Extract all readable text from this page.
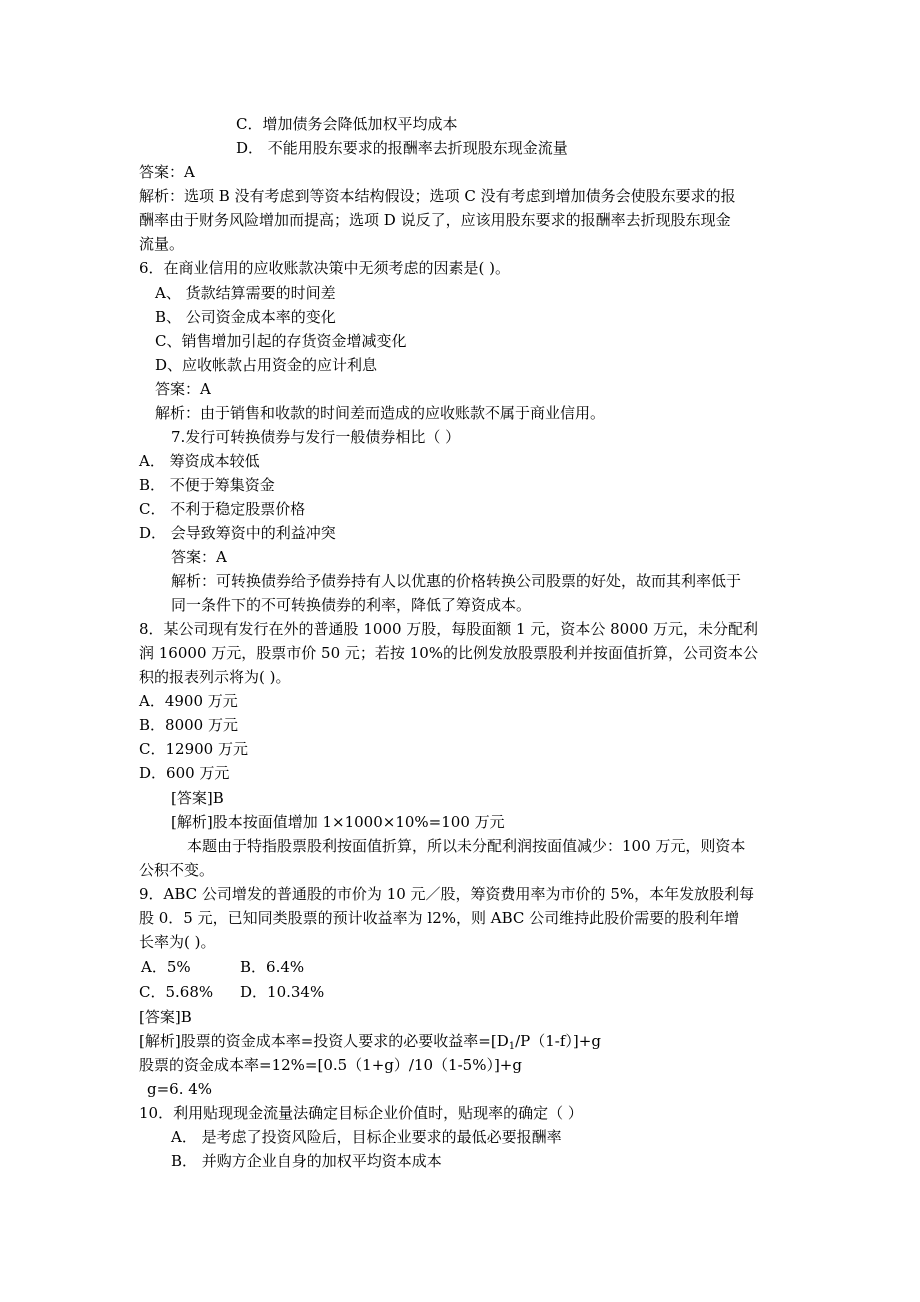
C．增加债务会降低加权平均成本
D． 不能用股东要求的报酬率去折现股东现金流量
答案：A
解析：选项 B 没有考虑到等资本结构假设；选项 C 没有考虑到增加债务会使股东要求的报
酬率由于财务风险增加而提高；选项 D 说反了，应该用股东要求的报酬率去折现股东现金
流量。
6．在商业信用的应收账款决策中无须考虑的因素是( )。
A、 货款结算需要的时间差
B、 公司资金成本率的变化
C、销售增加引起的存货资金增减变化
D、应收帐款占用资金的应计利息
答案：A
解析：由于销售和收款的时间差而造成的应收账款不属于商业信用。
7.发行可转换债券与发行一般债券相比（ ）
A． 筹资成本较低
B． 不便于筹集资金
C． 不利于稳定股票价格
D． 会导致筹资中的利益冲突
答案：A
解析：可转换债券给予债券持有人以优惠的价格转换公司股票的好处，故而其利率低于
同一条件下的不可转换债券的利率，降低了筹资成本。
8．某公司现有发行在外的普通股 1000 万股，每股面额 1 元，资本公 8000 万元，未分配利
润 16000 万元，股票市价 50 元；若按 10%的比例发放股票股利并按面值折算，公司资本公
积的报表列示将为( )。
A．4900 万元
B．8000 万元
C．12900 万元
D．600 万元
[答案]B
[解析]股本按面值增加 1×1000×10%=100 万元
本题由于特指股票股利按面值折算，所以未分配利润按面值减少：100 万元，则资本
公积不变。
9．ABC 公司增发的普通股的市价为 10 元／股，筹资费用率为市价的 5%，本年发放股利每
股 0．5 元，已知同类股票的预计收益率为 l2%，则 ABC 公司维持此股价需要的股利年增
长率为( )。
A．5%	B．6.4%
C．5.68% D．10.34%
[答案]B
[解析]股票的资金成本率=投资人要求的必要收益率$=[D_1/P(1-f)]+g$
股票的资金成本率=12%=[0.5（1+g）/10（1-5%）]+g
g=6. 4%
10．利用贴现现金流量法确定目标企业价值时，贴现率的确定（ ）
A． 是考虑了投资风险后，目标企业要求的最低必要报酬率
B． 并购方企业自身的加权平均资本成本
